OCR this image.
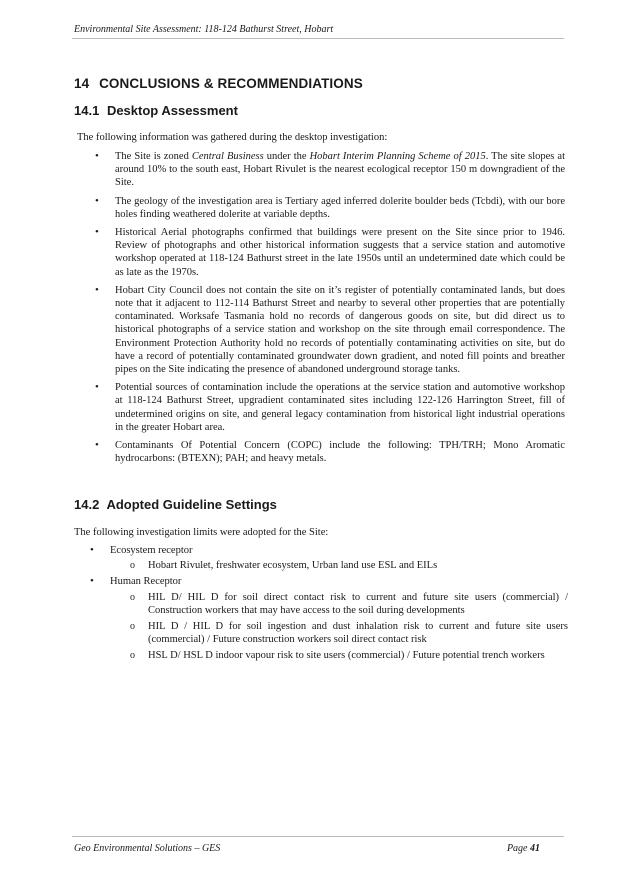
Environmental Site Assessment: 118-124 Bathurst Street, Hobart
14 CONCLUSIONS & RECOMMENDIATIONS
14.1 Desktop Assessment

The following information was gathered during the desktop investigation:

• The Site is zoned Central Business under the Hobart Interim Planning Scheme of 2015. The site slopes at around 10% to the south east, Hobart Rivulet is the nearest ecological receptor 150 m downgradient of the Site.
• The geology of the investigation area is Tertiary aged inferred dolerite boulder beds (Tcbdi), with our bore holes finding weathered dolerite at variable depths.
• Historical Aerial photographs confirmed that buildings were present on the Site since prior to 1946. Review of photographs and other historical information suggests that a service station and automotive workshop operated at 118-124 Bathurst street in the late 1950s until an undetermined date which could be as late as the 1970s.
• Hobart City Council does not contain the site on it’s register of potentially contaminated lands, but does note that it adjacent to 112-114 Bathurst Street and nearby to several other properties that are potentially contaminated. Worksafe Tasmania hold no records of dangerous goods on site, but did direct us to historical photographs of a service station and workshop on the site through email correspondence. The Environment Protection Authority hold no records of potentially contaminating activities on site, but do have a record of potentially contaminated groundwater down gradient, and noted fill points and breather pipes on the Site indicating the presence of abandoned underground storage tanks.
• Potential sources of contamination include the operations at the service station and automotive workshop at 118-124 Bathurst Street, upgradient contaminated sites including 122-126 Harrington Street, fill of undetermined origins on site, and general legacy contamination from historical light industrial operations in the greater Hobart area.
• Contaminants Of Potential Concern (COPC) include the following: TPH/TRH; Mono Aromatic hydrocarbons: (BTEXN); PAH; and heavy metals.
14.2 Adopted Guideline Settings

The following investigation limits were adopted for the Site:

• Ecosystem receptor
o Hobart Rivulet, freshwater ecosystem, Urban land use ESL and EILs
• Human Receptor
o HIL D/ HIL D for soil direct contact risk to current and future site users (commercial) / Construction workers that may have access to the soil during developments
o HIL D / HIL D for soil ingestion and dust inhalation risk to current and future site users (commercial) / Future construction workers soil direct contact risk
o HSL D/ HSL D indoor vapour risk to site users (commercial) / Future potential trench workers
Geo Environmental Solutions – GES	Page 41
